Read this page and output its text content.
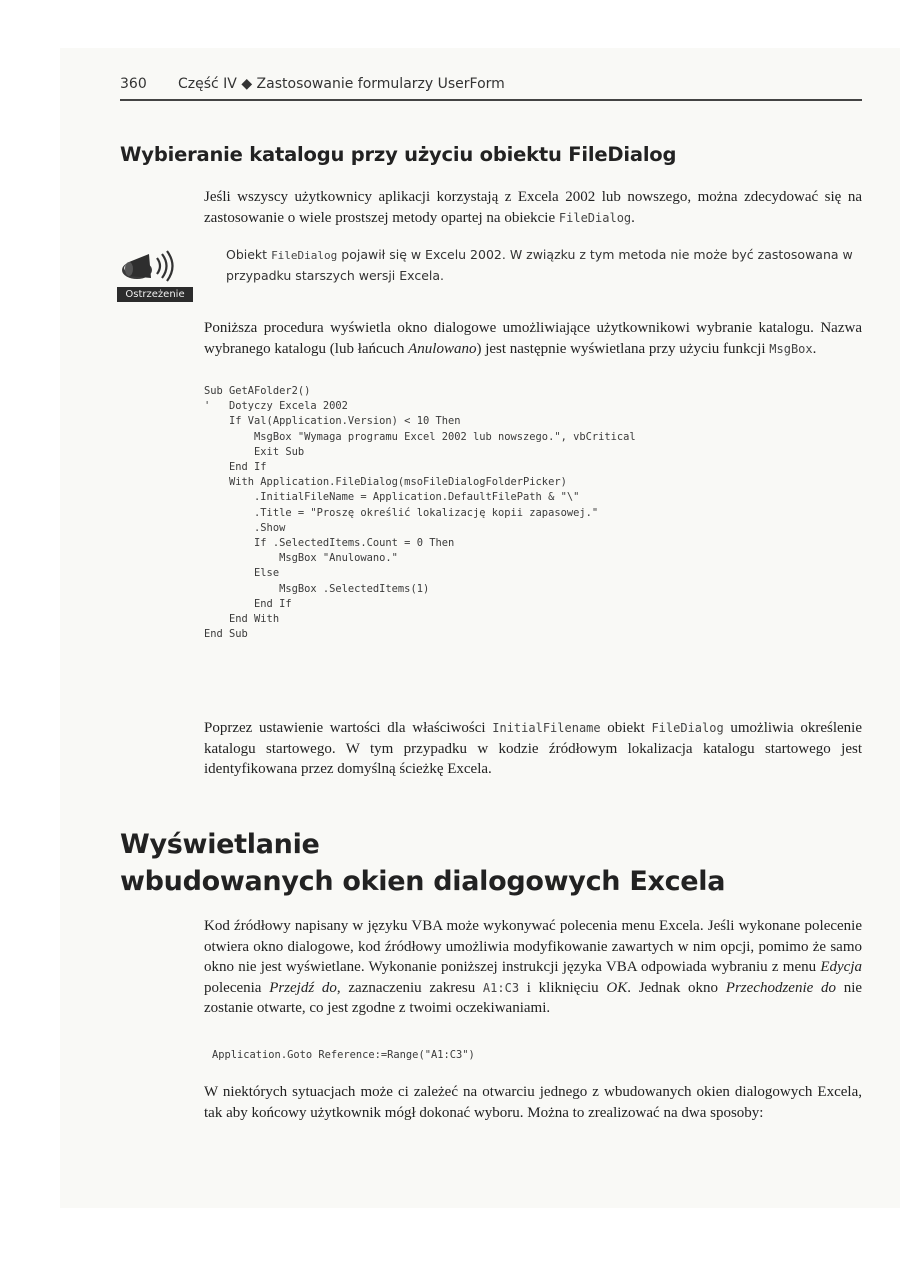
360 Część IV ◆ Zastosowanie formularzy UserForm
Wybieranie katalogu przy użyciu obiektu FileDialog

Jeśli wszyscy użytkownicy aplikacji korzystają z Excela 2002 lub nowszego, można zdecydować się na zastosowanie o wiele prostszej metody opartej na obiekcie FileDialog.

Ostrzeżenie

Obiekt FileDialog pojawił się w Excelu 2002. W związku z tym metoda nie może być zastosowana w przypadku starszych wersji Excela.

Poniższa procedura wyświetla okno dialogowe umożliwiające użytkownikowi wybranie katalogu. Nazwa wybranego katalogu (lub łańcuch Anulowano) jest następnie wyświetlana przy użyciu funkcji MsgBox.

Sub GetAFolder2()
'   Dotyczy Excela 2002
If Val(Application.Version) < 10 Then
MsgBox "Wymaga programu Excel 2002 lub nowszego.", vbCritical
Exit Sub
End If
With Application.FileDialog(msoFileDialogFolderPicker)
.InitialFileName = Application.DefaultFilePath & "\"
.Title = "Proszę określić lokalizację kopii zapasowej."
.Show
If .SelectedItems.Count = 0 Then
MsgBox "Anulowano."
Else
MsgBox .SelectedItems(1)
End If
End With
End Sub

Poprzez ustawienie wartości dla właściwości InitialFilename obiekt FileDialog umożliwia określenie katalogu startowego. W tym przypadku w kodzie źródłowym lokalizacja katalogu startowego jest identyfikowana przez domyślną ścieżkę Excela.

Wyświetlanie
wbudowanych okien dialogowych Excela

Kod źródłowy napisany w języku VBA może wykonywać polecenia menu Excela. Jeśli wykonane polecenie otwiera okno dialogowe, kod źródłowy umożliwia modyfikowanie zawartych w nim opcji, pomimo że samo okno nie jest wyświetlane. Wykonanie poniższej instrukcji języka VBA odpowiada wybraniu z menu Edycja polecenia Przejdź do, zaznaczeniu zakresu A1:C3 i kliknięciu OK. Jednak okno Przechodzenie do nie zostanie otwarte, co jest zgodne z twoimi oczekiwaniami.

Application.Goto Reference:=Range("A1:C3")

W niektórych sytuacjach może ci zależeć na otwarciu jednego z wbudowanych okien dialogowych Excela, tak aby końcowy użytkownik mógł dokonać wyboru. Można to zrealizować na dwa sposoby:
